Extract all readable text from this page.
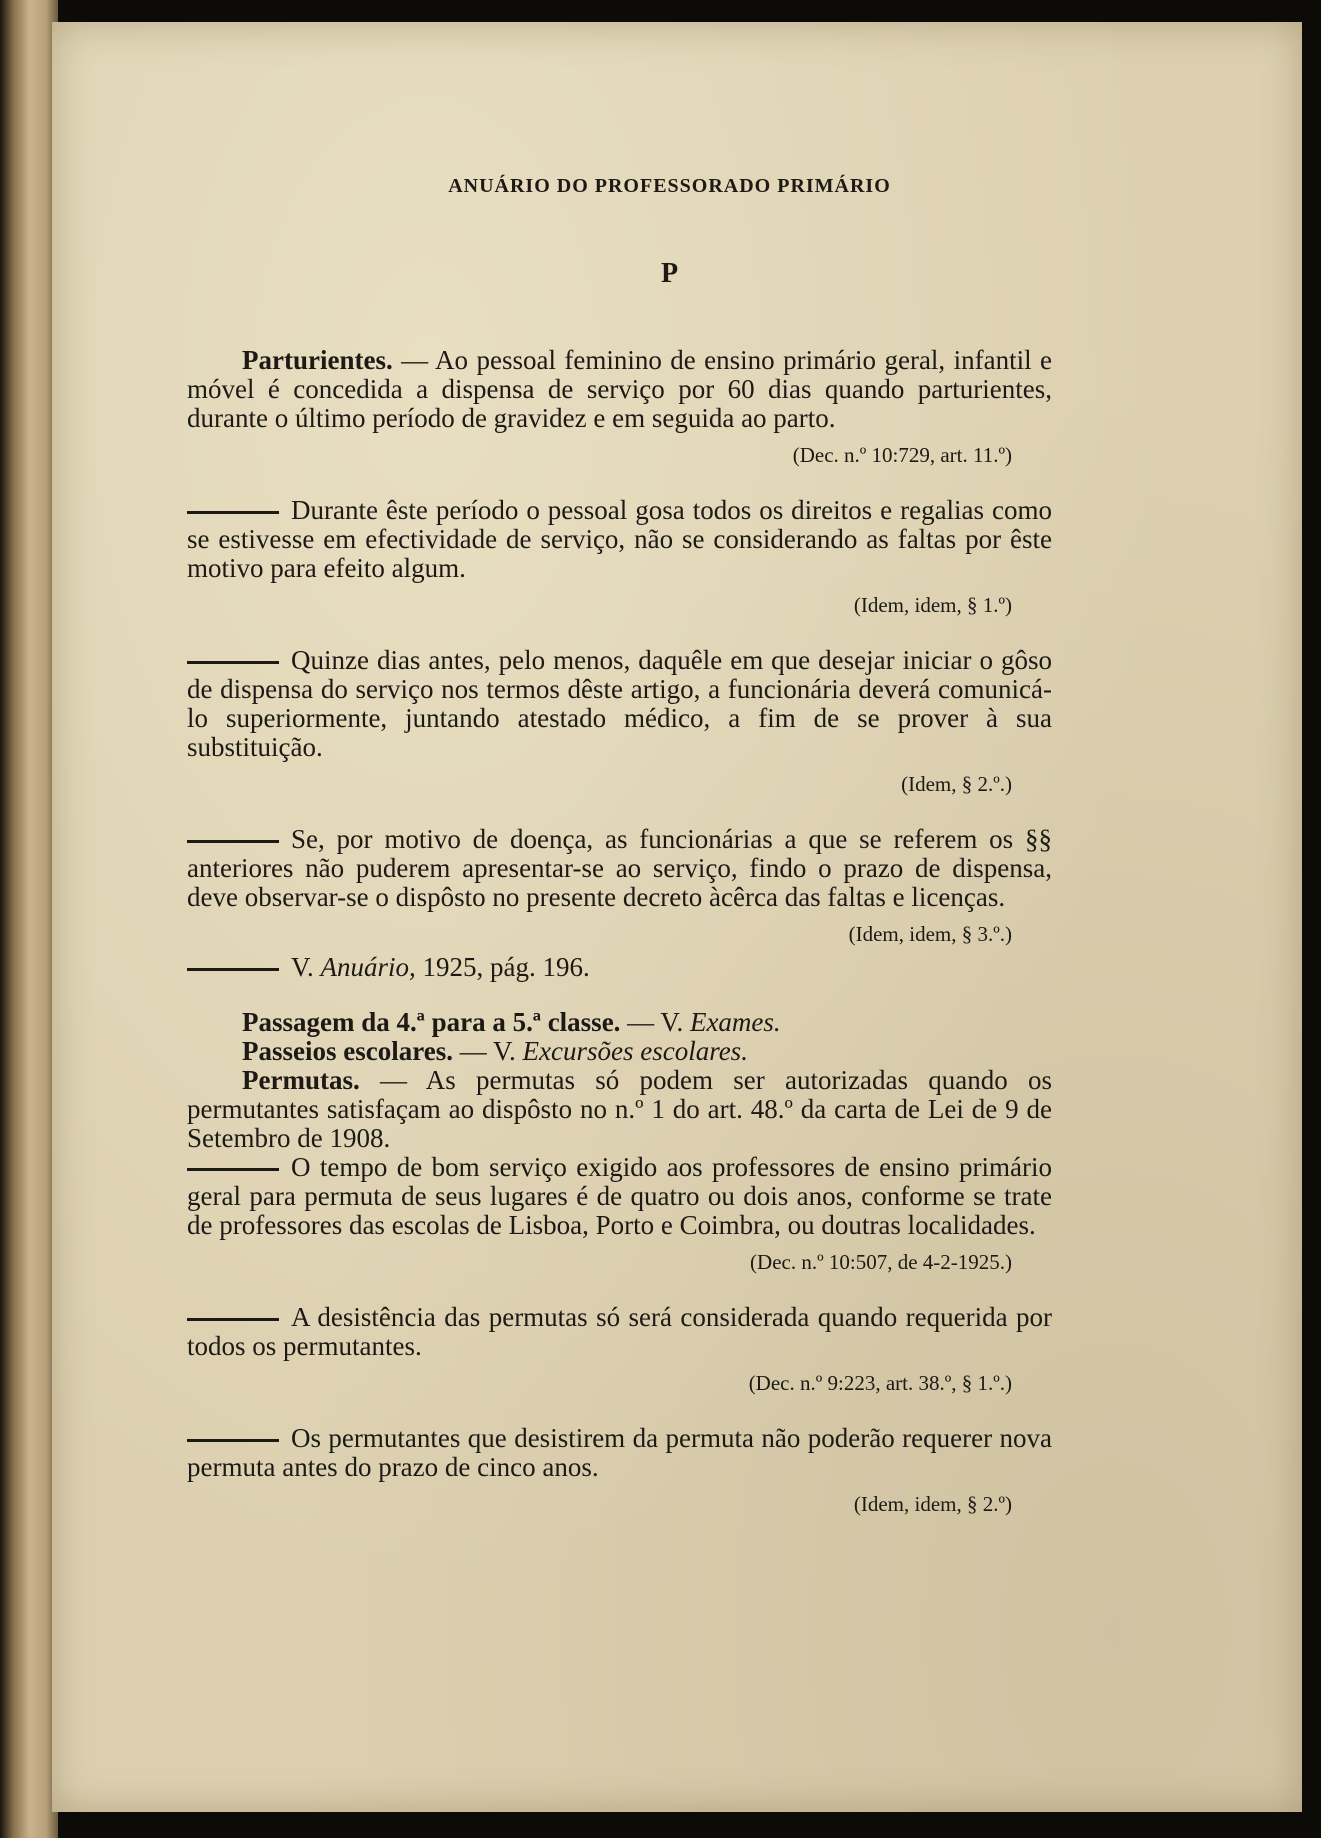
ANUÁRIO DO PROFESSORADO PRIMÁRIO
P

Parturientes. — Ao pessoal feminino de ensino primário geral, infantil e móvel é concedida a dispensa de serviço por 60 dias quando parturientes, durante o último período de gravidez e em seguida ao parto.

(Dec. n.º 10:729, art. 11.º)

Durante êste período o pessoal gosa todos os direitos e regalias como se estivesse em efectividade de serviço, não se considerando as faltas por êste motivo para efeito algum.

(Idem, idem, § 1.º)

Quinze dias antes, pelo menos, daquêle em que desejar iniciar o gôso de dispensa do serviço nos termos dêste artigo, a funcionária deverá comunicá-lo superiormente, juntando atestado médico, a fim de se prover à sua substituição.

(Idem, § 2.º.)

Se, por motivo de doença, as funcionárias a que se referem os §§ anteriores não puderem apresentar-se ao serviço, findo o prazo de dispensa, deve observar-se o dispôsto no presente decreto àcêrca das faltas e licenças.

(Idem, idem, § 3.º.)

V. Anuário, 1925, pág. 196.

Passagem da 4.ª para a 5.ª classe. — V. Exames.

Passeios escolares. — V. Excursões escolares.

Permutas. — As permutas só podem ser autorizadas quando os permutantes satisfaçam ao dispôsto no n.º 1 do art. 48.º da carta de Lei de 9 de Setembro de 1908.

O tempo de bom serviço exigido aos professores de ensino primário geral para permuta de seus lugares é de quatro ou dois anos, conforme se trate de professores das escolas de Lisboa, Porto e Coimbra, ou doutras localidades.

(Dec. n.º 10:507, de 4-2-1925.)

A desistência das permutas só será considerada quando requerida por todos os permutantes.

(Dec. n.º 9:223, art. 38.º, § 1.º.)

Os permutantes que desistirem da permuta não poderão requerer nova permuta antes do prazo de cinco anos.

(Idem, idem, § 2.º)
